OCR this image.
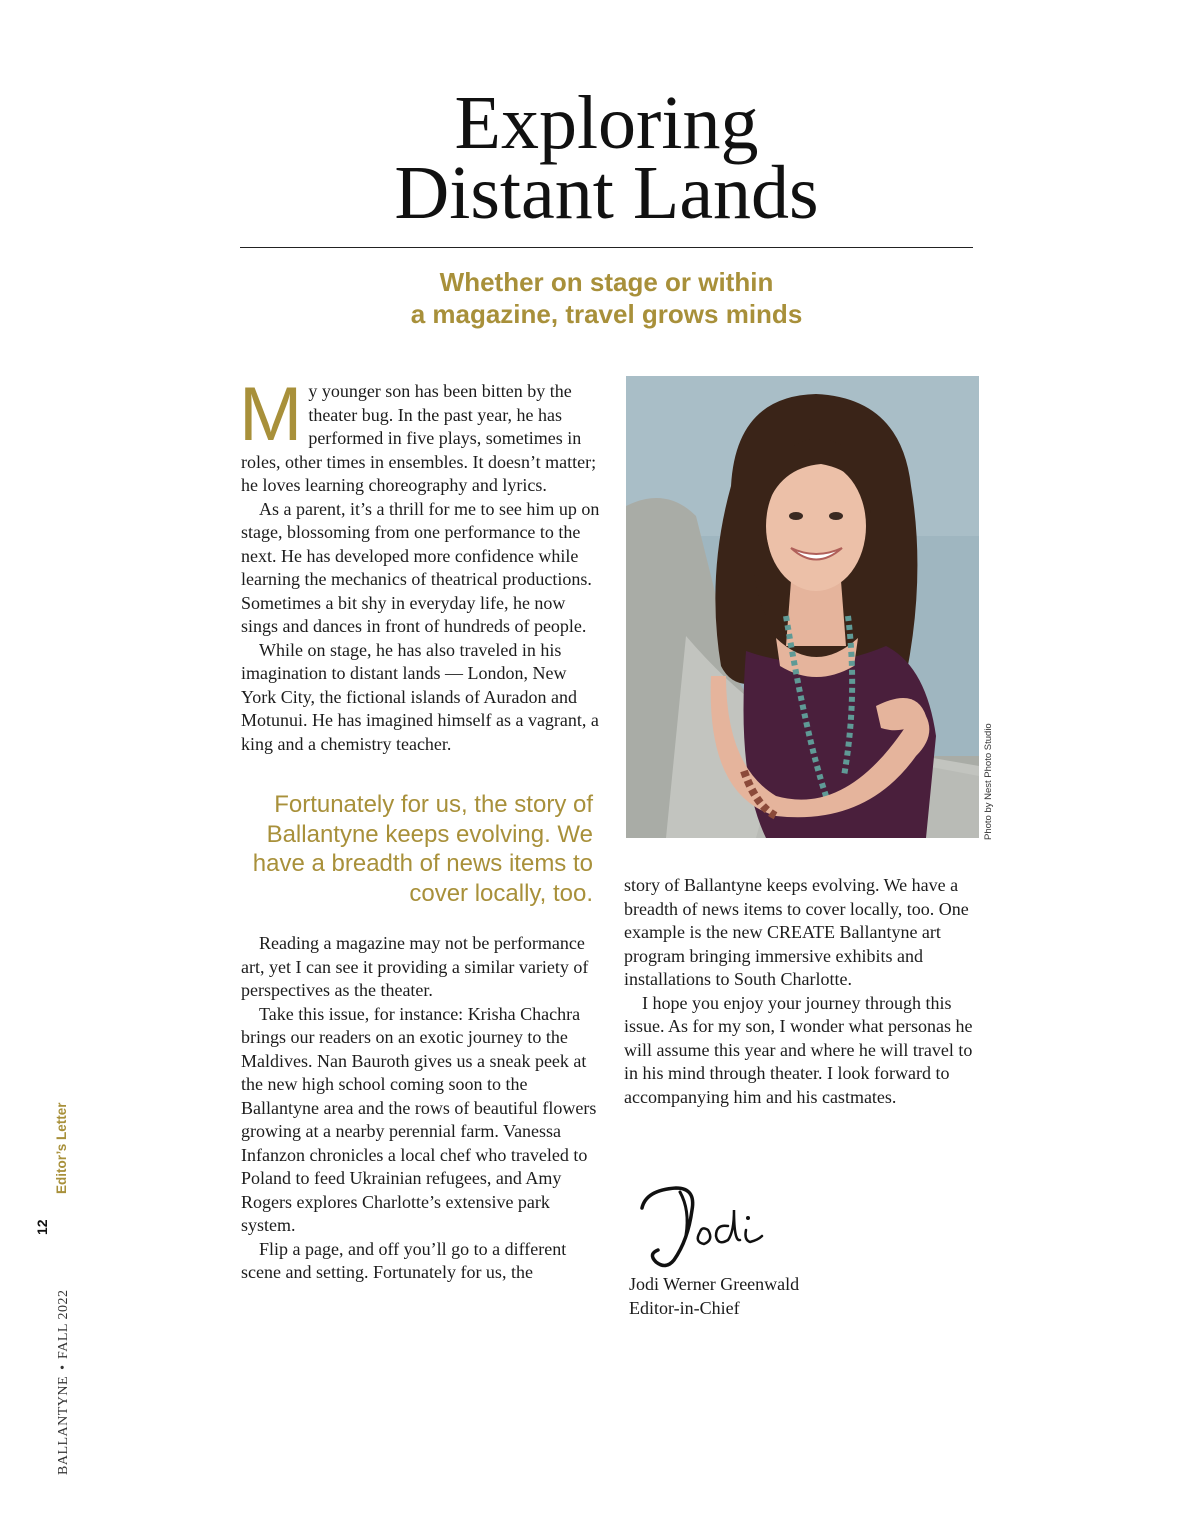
Exploring
Distant Lands
Whether on stage or within
a magazine, travel grows minds

My younger son has been bitten by the theater bug. In the past year, he has performed in five plays, sometimes in roles, other times in ensembles. It doesn’t matter; he loves learning choreography and lyrics.

As a parent, it’s a thrill for me to see him up on stage, blossoming from one performance to the next. He has developed more confidence while learning the mechanics of theatrical productions. Sometimes a bit shy in everyday life, he now sings and dances in front of hundreds of people.

While on stage, he has also traveled in his imagination to distant lands — London, New York City, the fictional islands of Auradon and Motunui. He has imagined himself as a vagrant, a king and a chemistry teacher.

Fortunately for us, the story of Ballantyne keeps evolving. We have a breadth of news items to cover locally, too.

Reading a magazine may not be performance art, yet I can see it providing a similar variety of perspectives as the theater.

Take this issue, for instance: Krisha Chachra brings our readers on an exotic journey to the Maldives. Nan Bauroth gives us a sneak peek at the new high school coming soon to the Ballantyne area and the rows of beautiful flowers growing at a nearby perennial farm. Vanessa Infanzon chronicles a local chef who traveled to Poland to feed Ukrainian refugees, and Amy Rogers explores Charlotte’s extensive park system.

Flip a page, and off you’ll go to a different scene and setting. Fortunately for us, the

Photo by Nest Photo Studio

story of Ballantyne keeps evolving. We have a breadth of news items to cover locally, too. One example is the new CREATE Ballantyne art program bringing immersive exhibits and installations to South Charlotte.

I hope you enjoy your journey through this issue. As for my son, I wonder what personas he will assume this year and where he will travel to in his mind through theater. I look forward to accompanying him and his castmates.

Jodi Werner Greenwald
Editor-in-Chief
BALLANTYNE•FALL 2022
12
Editor’s Letter
